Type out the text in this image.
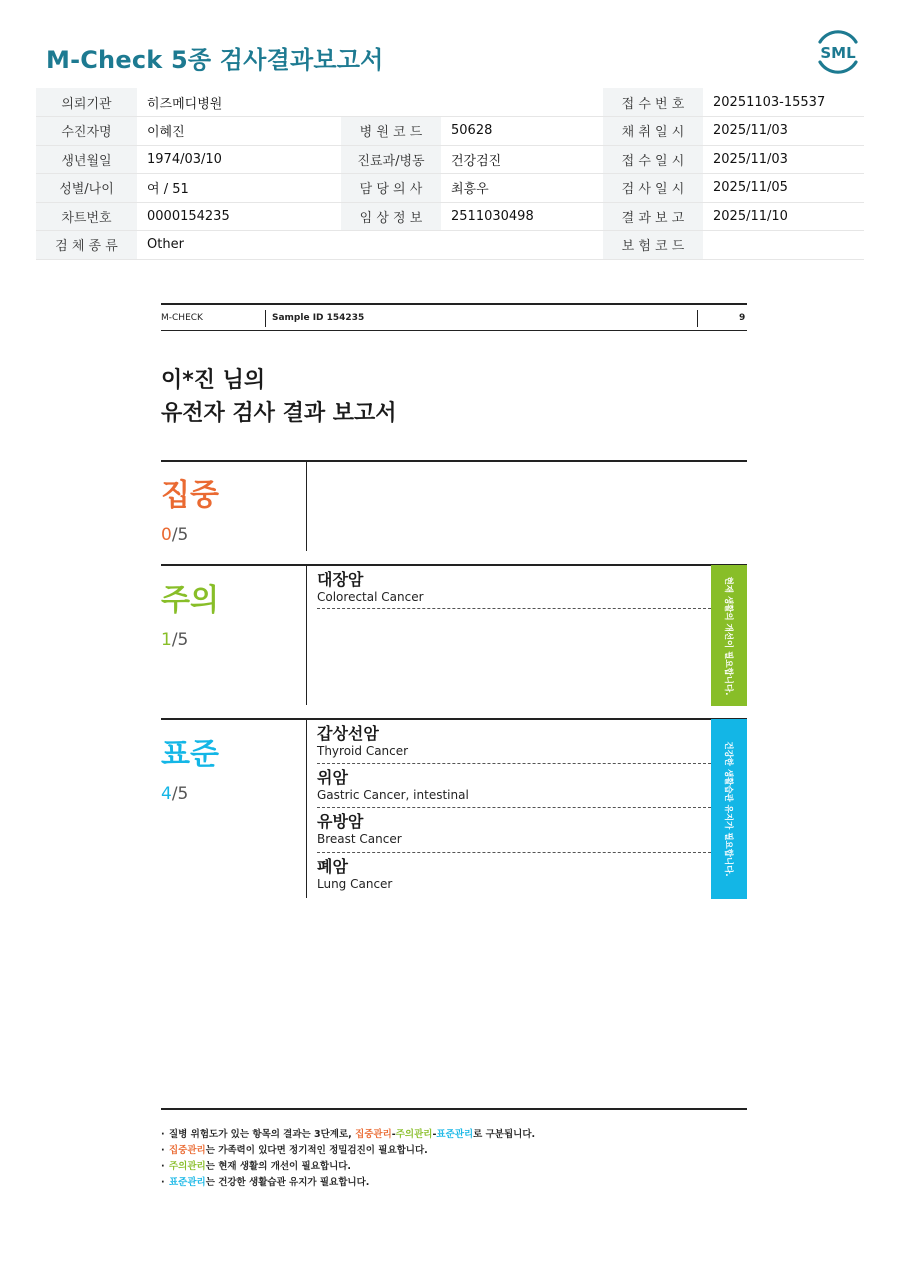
M-Check 5종 검사결과보고서	SML
의뢰기관	히즈메디병원			접 수 번 호	20251103-15537
수진자명	이혜진	병 원 코 드	50628	채 취 일 시	2025/11/03
생년월일	1974/03/10	진료과/병동	건강검진	접 수 일 시	2025/11/03
성별/나이	여 / 51	담 당 의 사	최흥우	검 사 일 시	2025/11/05
차트번호	0000154235	임 상 정 보	2511030498	결 과 보 고	2025/11/10
검 체 종 류	Other			보 험 코 드	
M-CHECK	Sample ID 154235	9
이*진 님의
유전자 검사 결과 보고서
집중
0/5
주의
1/5	현재 생활의 개선이 필요합니다.
대장암
Colorectal Cancer
표준
4/5	건강한 생활습관 유지가 필요합니다.
갑상선암
Thyroid Cancer
위암
Gastric Cancer, intestinal
유방암
Breast Cancer
폐암
Lung Cancer
· 질병 위험도가 있는 항목의 결과는 3단계로, 집중관리-주의관리-표준관리로 구분됩니다.
· 집중관리는 가족력이 있다면 정기적인 정밀검진이 필요합니다.
· 주의관리는 현재 생활의 개선이 필요합니다.
· 표준관리는 건강한 생활습관 유지가 필요합니다.
